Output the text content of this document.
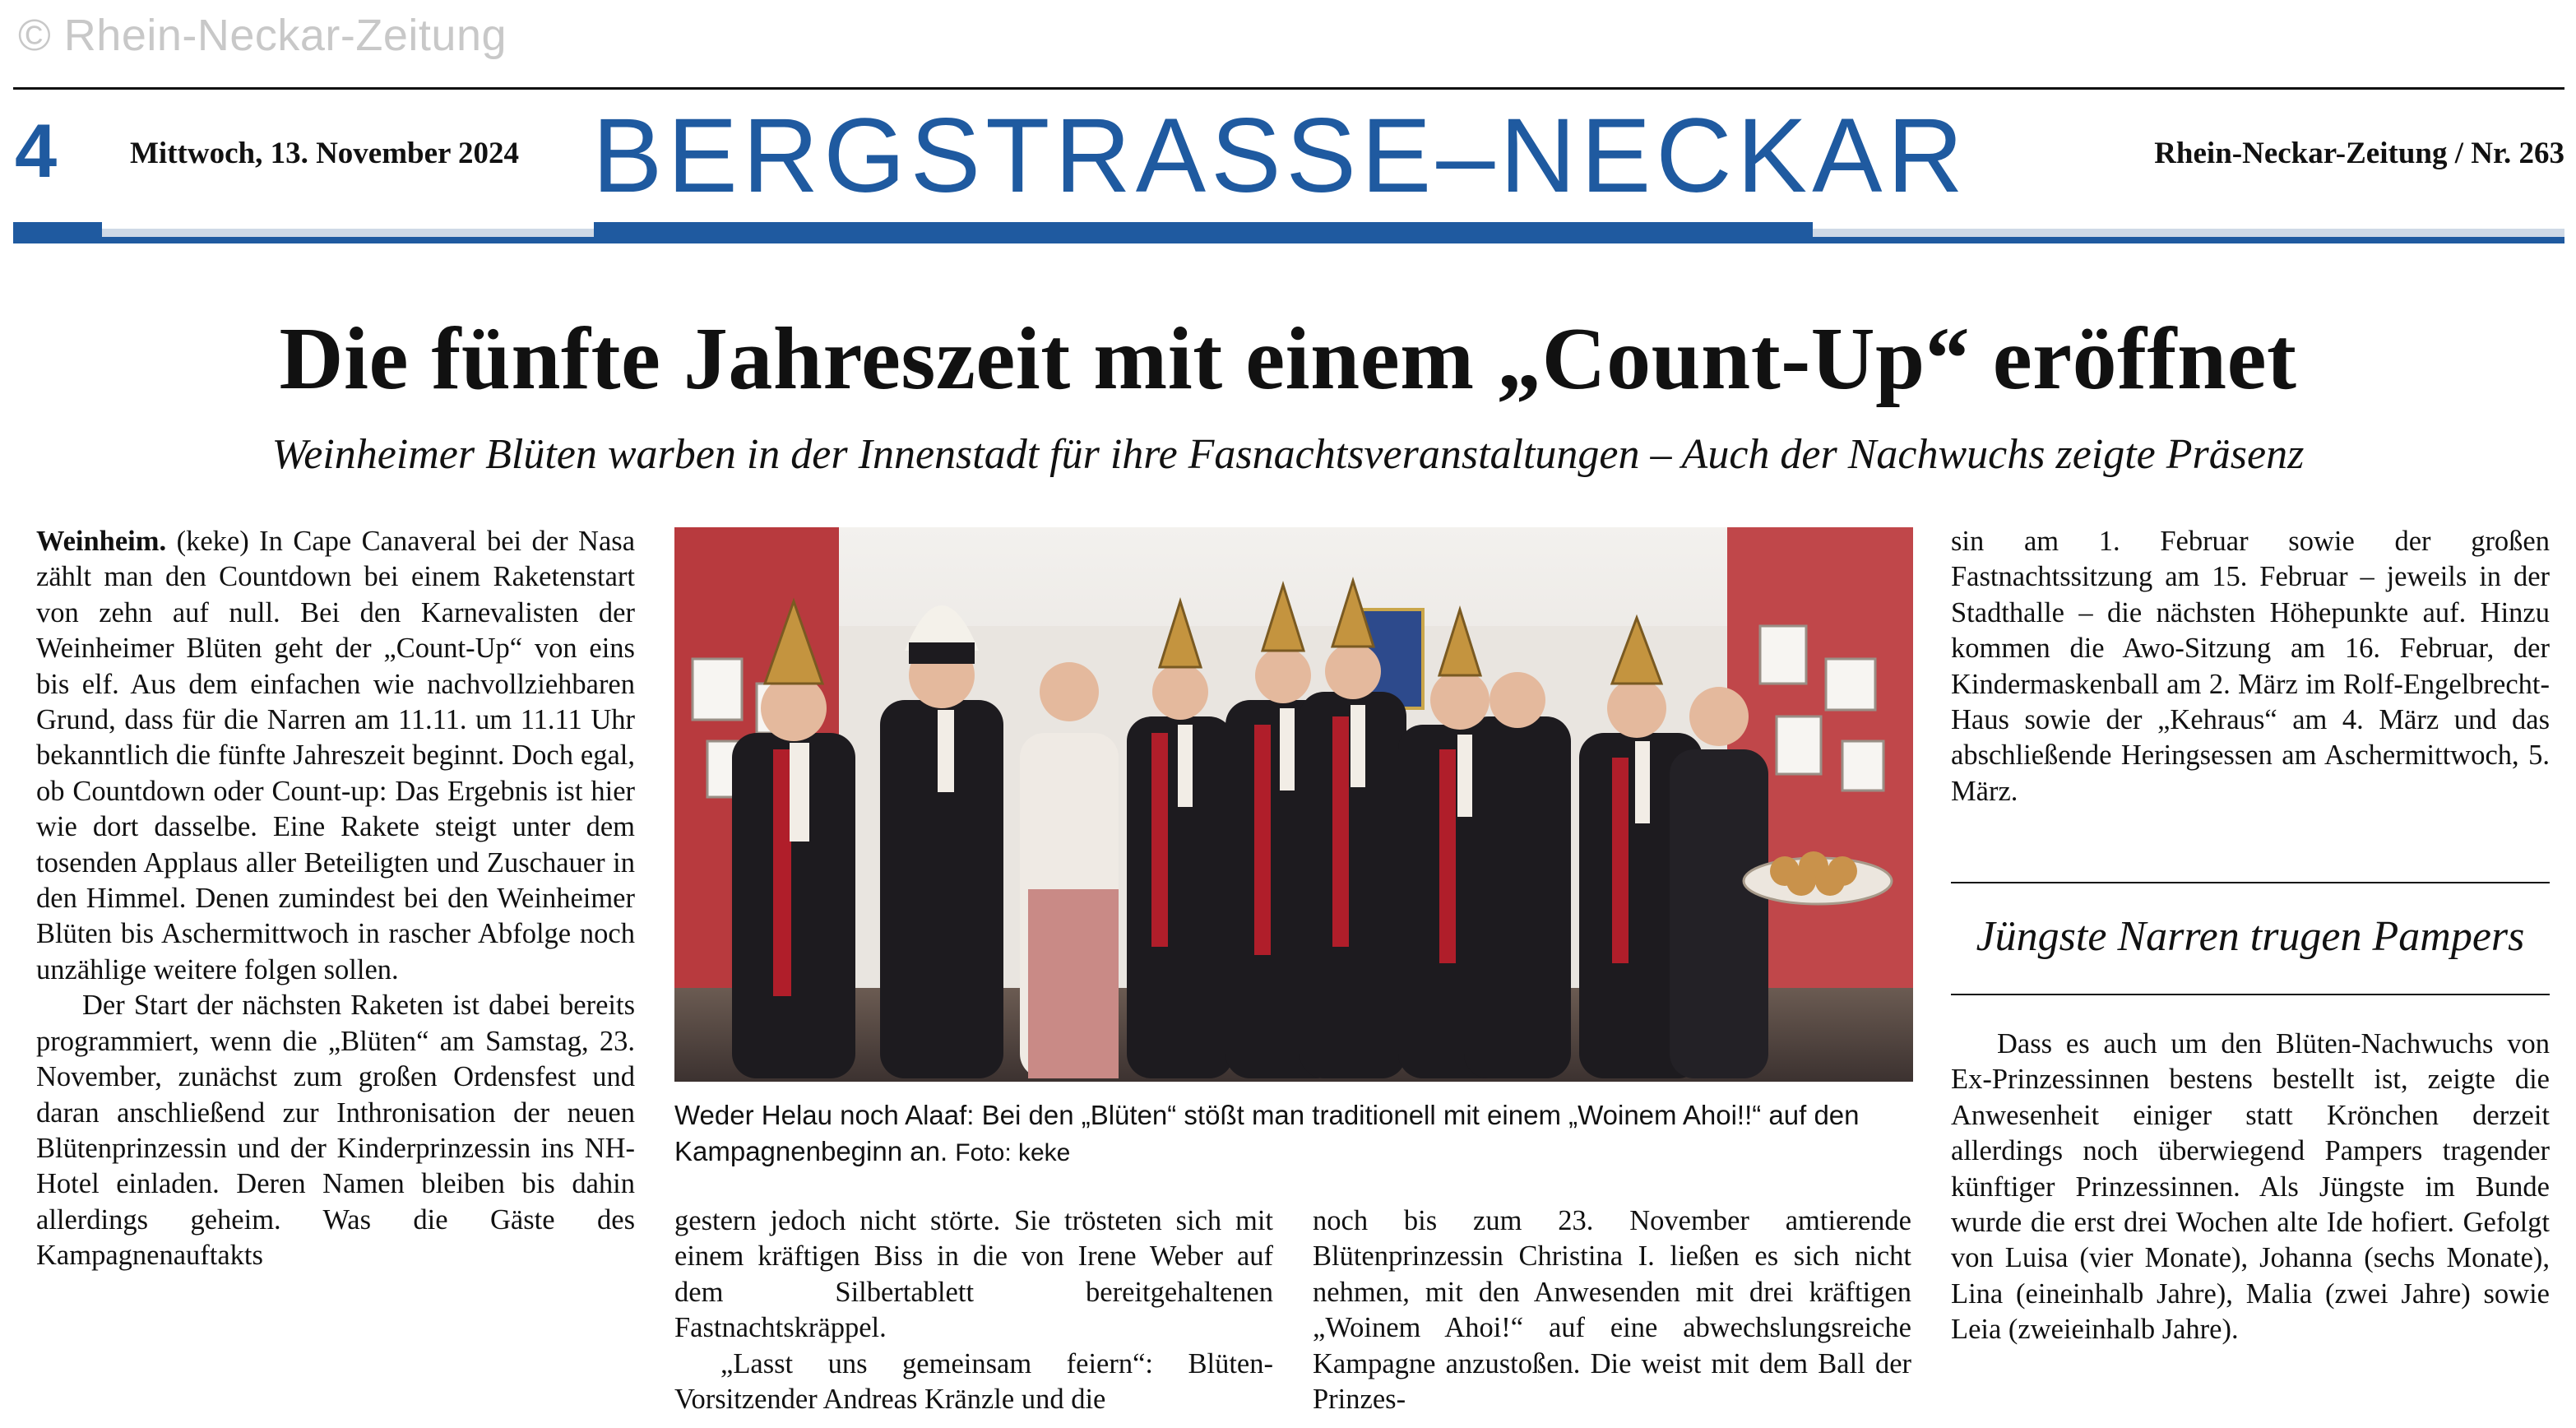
© Rhein-Neckar-Zeitung
4 Mittwoch, 13. November 2024 BERGSTRASSE–NECKAR	Rhein-Neckar-Zeitung / Nr. 263
Die fünfte Jahreszeit mit einem „Count-Up“ eröffnet
Weinheimer Blüten warben in der Innenstadt für ihre Fasnachtsveranstaltungen – Auch der Nachwuchs zeigte Präsenz

Weinheim. (keke) In Cape Canaveral bei der Nasa zählt man den Countdown bei einem Raketenstart von zehn auf null. Bei den Karnevalisten der Weinheimer Blüten geht der „Count-Up“ von eins bis elf. Aus dem einfachen wie nachvollziehbaren Grund, dass für die Narren am 11.11. um 11.11 Uhr bekanntlich die fünfte Jahreszeit beginnt. Doch egal, ob Countdown oder Count-up: Das Ergebnis ist hier wie dort dasselbe. Eine Rakete steigt unter dem tosenden Applaus aller Beteiligten und Zuschauer in den Himmel. Denen zumindest bei den Weinheimer Blüten bis Aschermittwoch in rascher Abfolge noch unzählige weitere folgen sollen.

Der Start der nächsten Raketen ist dabei bereits programmiert, wenn die „Blüten“ am Samstag, 23. November, zunächst zum großen Ordensfest und daran anschließend zur Inthronisation der neuen Blütenprinzessin und der Kinderprinzessin ins NH-Hotel einladen. Deren Namen bleiben bis dahin allerdings geheim. Was die Gäste des Kampagnenauftakts

Weder Helau noch Alaaf: Bei den „Blüten“ stößt man traditionell mit einem „Woinem Ahoi!!“ auf den Kampagnenbeginn an. Foto: keke

gestern jedoch nicht störte. Sie trösteten sich mit einem kräftigen Biss in die von Irene Weber auf dem Silbertablett bereitgehaltenen Fastnachtskräppel.

„Lasst uns gemeinsam feiern“: Blüten-Vorsitzender Andreas Kränzle und die

noch bis zum 23. November amtierende Blütenprinzessin Christina I. ließen es sich nicht nehmen, mit den Anwesenden mit drei kräftigen „Woinem Ahoi!“ auf eine abwechslungsreiche Kampagne anzustoßen. Die weist mit dem Ball der Prinzes-

sin am 1. Februar sowie der großen Fastnachtssitzung am 15. Februar – jeweils in der Stadthalle – die nächsten Höhepunkte auf. Hinzu kommen die Awo-Sitzung am 16. Februar, der Kindermaskenball am 2. März im Rolf-Engelbrecht-Haus sowie der „Kehraus“ am 4. März und das abschließende Heringsessen am Aschermittwoch, 5. März.

Jüngste Narren trugen Pampers

Dass es auch um den Blüten-Nachwuchs von Ex-Prinzessinnen bestens bestellt ist, zeigte die Anwesenheit einiger statt Krönchen derzeit allerdings noch überwiegend Pampers tragender künftiger Prinzessinnen. Als Jüngste im Bunde wurde die erst drei Wochen alte Ide hofiert. Gefolgt von Luisa (vier Monate), Johanna (sechs Monate), Lina (eineinhalb Jahre), Malia (zwei Jahre) sowie Leia (zweieinhalb Jahre).
